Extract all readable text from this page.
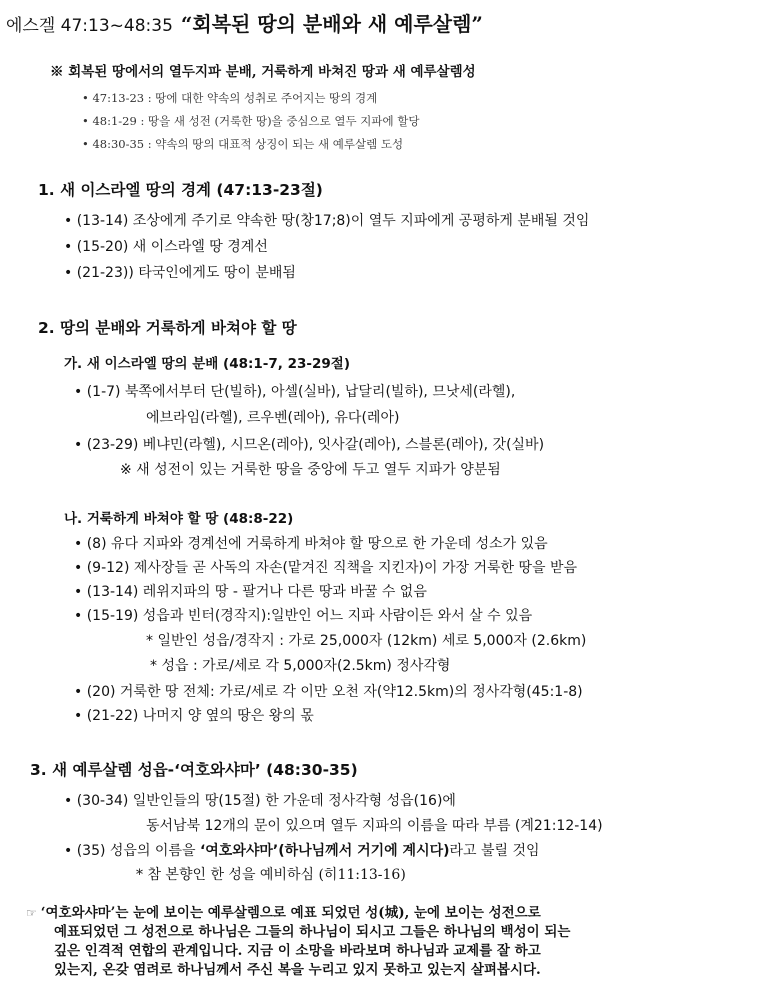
에스겔 47:13~48:35 “회복된 땅의 분배와 새 예루살렘”
※ 회복된 땅에서의 열두지파 분배, 거룩하게 바쳐진 땅과 새 예루살렘성
• 47:13-23 : 땅에 대한 약속의 성취로 주어지는 땅의 경계
• 48:1-29 : 땅을 새 성전 (거룩한 땅)을 중심으로 열두 지파에 할당
• 48:30-35 : 약속의 땅의 대표적 상징이 되는 새 예루살렘 도성
1. 새 이스라엘 땅의 경계 (47:13-23절)
• (13-14) 조상에게 주기로 약속한 땅(창17;8)이 열두 지파에게 공평하게 분배될 것임
• (15-20) 새 이스라엘 땅 경계선
• (21-23)) 타국인에게도 땅이 분배됨
2. 땅의 분배와 거룩하게 바쳐야 할 땅
가. 새 이스라엘 땅의 분배 (48:1-7, 23-29절)
• (1-7) 북쪽에서부터 단(빌하), 아셀(실바), 납달리(빌하), 므낫세(라헬),
에브라임(라헬), 르우벤(레아), 유다(레아)
• (23-29) 베냐민(라헬), 시므온(레아), 잇사갈(레아), 스블론(레아), 갓(실바)
※ 새 성전이 있는 거룩한 땅을 중앙에 두고 열두 지파가 양분됨
나. 거룩하게 바쳐야 할 땅 (48:8-22)
• (8) 유다 지파와 경계선에 거룩하게 바쳐야 할 땅으로 한 가운데 성소가 있음
• (9-12) 제사장들 곧 사독의 자손(맡겨진 직책을 지킨자)이 가장 거룩한 땅을 받음
• (13-14) 레위지파의 땅 - 팔거나 다른 땅과 바꿀 수 없음
• (15-19) 성읍과 빈터(경작지):일반인 어느 지파 사람이든 와서 살 수 있음
* 일반인 성읍/경작지 : 가로 25,000자 (12km) 세로 5,000자 (2.6km)
* 성읍 : 가로/세로 각 5,000자(2.5km) 정사각형
• (20) 거룩한 땅 전체: 가로/세로 각 이만 오천 자(약12.5km)의 정사각형(45:1-8)
• (21-22) 나머지 양 옆의 땅은 왕의 몫
3. 새 예루살렘 성읍-‘여호와샤마’ (48:30-35)
• (30-34) 일반인들의 땅(15절) 한 가운데 정사각형 성읍(16)에
동서남북 12개의 문이 있으며 열두 지파의 이름을 따라 부름 (계21:12-14)
• (35) 성읍의 이름을 ‘여호와샤마’(하나님께서 거기에 계시다)라고 불릴 것임
* 참 본향인 한 성을 예비하심 (히11:13-16)
☞ ‘여호와샤마’는 눈에 보이는 예루살렘으로 예표 되었던 성(城), 눈에 보이는 성전으로
예표되었던 그 성전으로 하나님은 그들의 하나님이 되시고 그들은 하나님의 백성이 되는
깊은 인격적 연합의 관계입니다. 지금 이 소망을 바라보며 하나님과 교제를 잘 하고
있는지, 온갖 염려로 하나님께서 주신 복을 누리고 있지 못하고 있는지 살펴봅시다.
